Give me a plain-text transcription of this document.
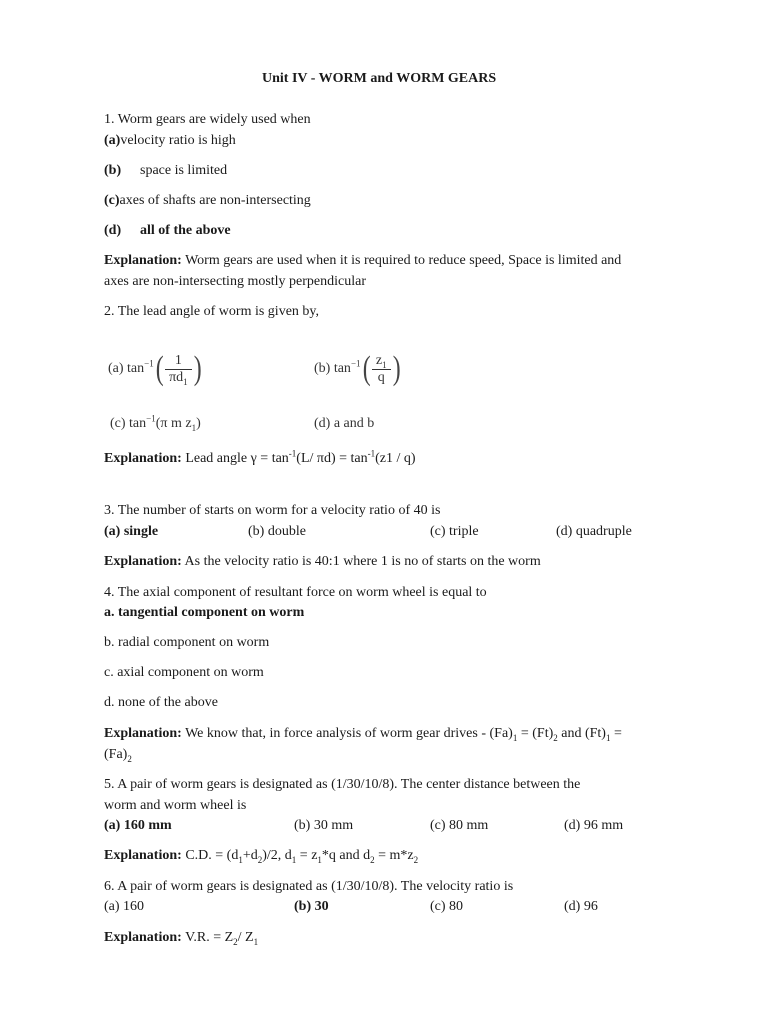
Unit IV - WORM and WORM GEARS
1. Worm gears are widely used when
(a)velocity ratio is high
(b) space is limited
(c)axes of shafts are non-intersecting
(d) all of the above
Explanation: Worm gears are used when it is required to reduce speed, Space is limited and
axes are non-intersecting mostly perpendicular
2. The lead angle of worm is given by,
(a) $\tan^{-1}( \frac{1}{\pi d_1}$ )	(b) $\tan^{-1}( \frac{z_1}{q}$ )
(c) $\tan^{-1}(\pi$ m $z_1$)	(d) a and b
Explanation: Lead angle $\gamma = \tan^{-1}(L/$ $\pi d) = \tan^{-1}(z1 / q)$
3. The number of starts on worm for a velocity ratio of 40 is
(a) single	(b) double	(c) triple	(d) quadruple
Explanation: As the velocity ratio is 40:1 where 1 is no of starts on the worm
4. The axial component of resultant force on worm wheel is equal to
a. tangential component on worm
b. radial component on worm
c. axial component on worm
d. none of the above
Explanation: We know that, in force analysis of worm gear drives - $(Fa)_1 = (Ft)_2$ and $(Ft)_1$ =
$(Fa)_2$
5. A pair of worm gears is designated as (1/30/10/8). The center distance between the
worm and worm wheel is
(a) 160 mm	(b) 30 mm	(c) 80 mm	(d) 96 mm
Explanation: C.D. = $(d_1+d_2)/2$, $d_1 = z_1*q$ and $d_2 = m*z_2$
6. A pair of worm gears is designated as (1/30/10/8). The velocity ratio is
(a) 160	(b) 30	(c) 80	(d) 96
Explanation: V.R. = $Z_2/$ $Z_1$
